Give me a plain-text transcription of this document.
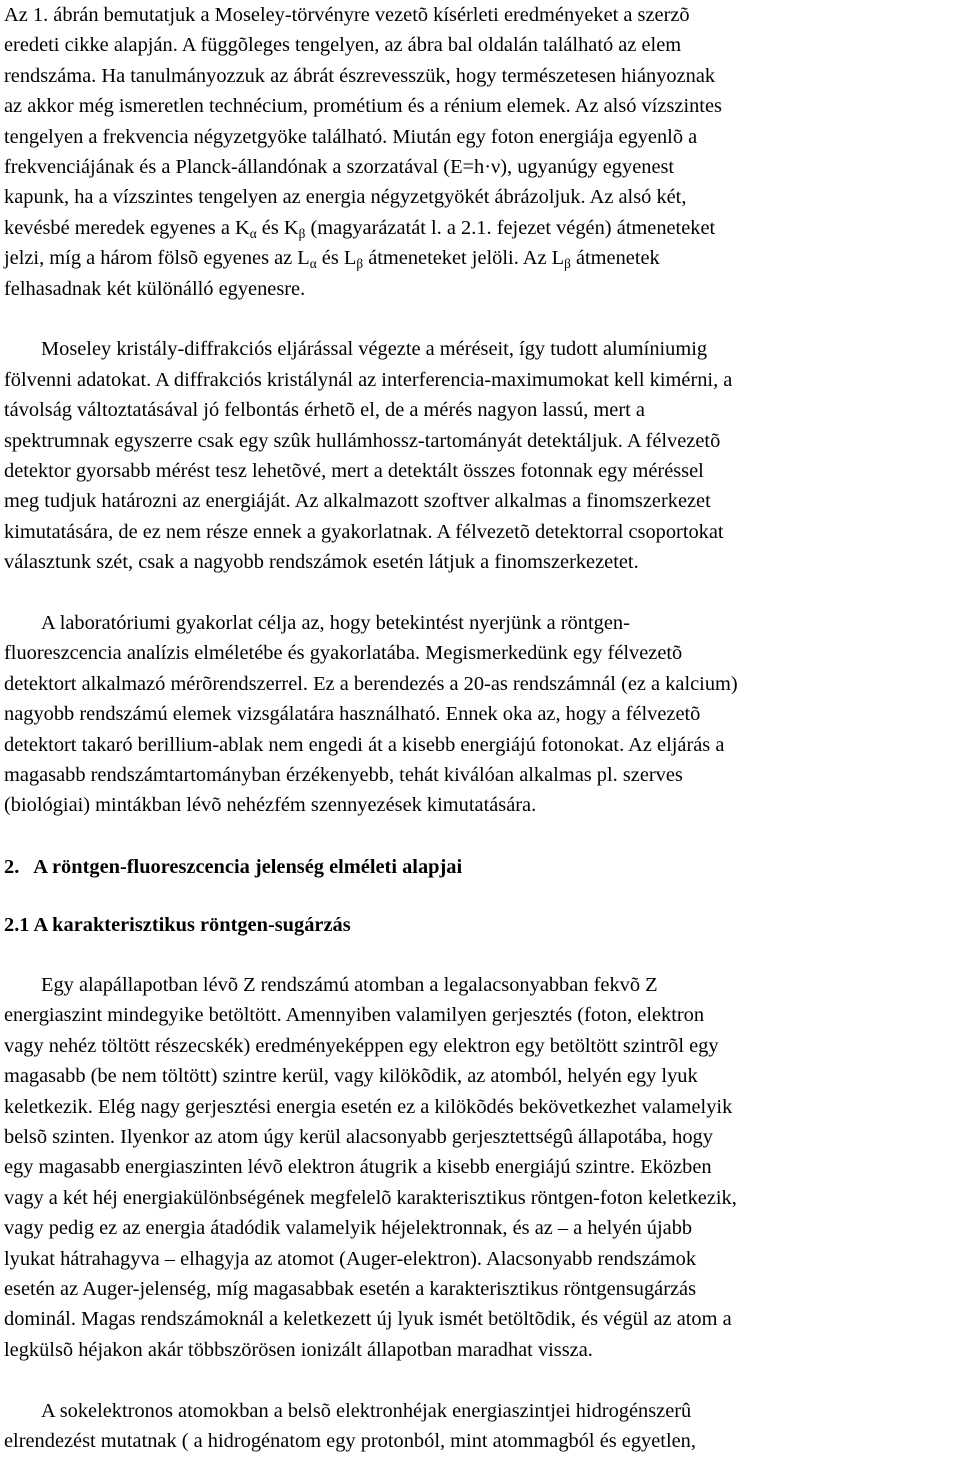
Az 1. ábrán bemutatjuk a Moseley-törvényre vezetõ kísérleti eredményeket a szerzõ
eredeti cikke alapján. A függõleges tengelyen, az ábra bal oldalán található az elem
rendszáma. Ha tanulmányozzuk az ábrát észrevesszük, hogy természetesen hiányoznak
az akkor még ismeretlen technécium, prométium és a rénium elemek. Az alsó vízszintes
tengelyen a frekvencia négyzetgyöke található. Miután egy foton energiája egyenlõ a
frekvenciájának és a Planck-állandónak a szorzatával (E=h·ν), ugyanúgy egyenest
kapunk, ha a vízszintes tengelyen az energia négyzetgyökét ábrázoljuk. Az alsó két,
kevésbé meredek egyenes a $K_\alpha$ és $K_\beta$ (magyarázatát l. a 2.1. fejezet végén) átmeneteket
jelzi, míg a három fölsõ egyenes az $L_\alpha$ és $L_\beta$ átmeneteket jelöli. Az $L_\beta$ átmenetek
felhasadnak két különálló egyenesre.
Moseley kristály-diffrakciós eljárással végezte a méréseit, így tudott alumíniumig
fölvenni adatokat. A diffrakciós kristálynál az interferencia-maximumokat kell kimérni, a
távolság változtatásával jó felbontás érhetõ el, de a mérés nagyon lassú, mert a
spektrumnak egyszerre csak egy szûk hullámhossz-tartományát detektáljuk. A félvezetõ
detektor gyorsabb mérést tesz lehetõvé, mert a detektált összes fotonnak egy méréssel
meg tudjuk határozni az energiáját. Az alkalmazott szoftver alkalmas a finomszerkezet
kimutatására, de ez nem része ennek a gyakorlatnak. A félvezetõ detektorral csoportokat
választunk szét, csak a nagyobb rendszámok esetén látjuk a finomszerkezetet.
A laboratóriumi gyakorlat célja az, hogy betekintést nyerjünk a röntgen-
fluoreszcencia analízis elméletébe és gyakorlatába. Megismerkedünk egy félvezetõ
detektort alkalmazó mérõrendszerrel. Ez a berendezés a 20-as rendszámnál (ez a kalcium)
nagyobb rendszámú elemek vizsgálatára használható. Ennek oka az, hogy a félvezetõ
detektort takaró berillium-ablak nem engedi át a kisebb energiájú fotonokat. Az eljárás a
magasabb rendszámtartományban érzékenyebb, tehát kiválóan alkalmas pl. szerves
(biológiai) mintákban lévõ nehézfém szennyezések kimutatására.
2. A röntgen-fluoreszcencia jelenség elméleti alapjai
2.1 A karakterisztikus röntgen-sugárzás
Egy alapállapotban lévõ Z rendszámú atomban a legalacsonyabban fekvõ Z
energiaszint mindegyike betöltött. Amennyiben valamilyen gerjesztés (foton, elektron
vagy nehéz töltött részecskék) eredményeképpen egy elektron egy betöltött szintrõl egy
magasabb (be nem töltött) szintre kerül, vagy kilökõdik, az atomból, helyén egy lyuk
keletkezik. Elég nagy gerjesztési energia esetén ez a kilökõdés bekövetkezhet valamelyik
belsõ szinten. Ilyenkor az atom úgy kerül alacsonyabb gerjesztettségû állapotába, hogy
egy magasabb energiaszinten lévõ elektron átugrik a kisebb energiájú szintre. Eközben
vagy a két héj energiakülönbségének megfelelõ karakterisztikus röntgen-foton keletkezik,
vagy pedig ez az energia átadódik valamelyik héjelektronnak, és az – a helyén újabb
lyukat hátrahagyva – elhagyja az atomot (Auger-elektron). Alacsonyabb rendszámok
esetén az Auger-jelenség, míg magasabbak esetén a karakterisztikus röntgensugárzás
dominál. Magas rendszámoknál a keletkezett új lyuk ismét betöltõdik, és végül az atom a
legkülsõ héjakon akár többszörösen ionizált állapotban maradhat vissza.
A sokelektronos atomokban a belsõ elektronhéjak energiaszintjei hidrogénszerû
elrendezést mutatnak ( a hidrogénatom egy protonból, mint atommagból és egyetlen,
